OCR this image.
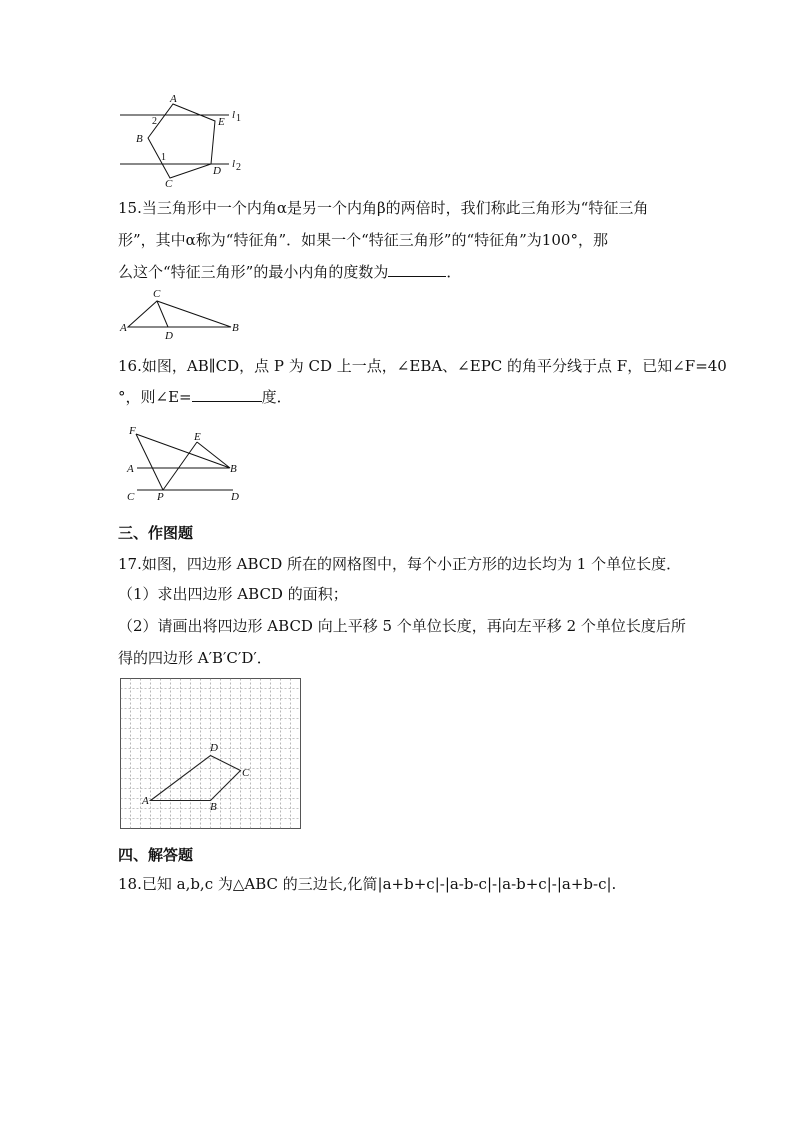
A
B
C
D
E
l 1
l 2
1
2
15.当三角形中一个内角α是另一个内角β的两倍时，我们称此三角形为“特征三角
形”，其中α称为“特征角”．如果一个“特征三角形”的“特征角”为100°，那
么这个“特征三角形”的最小内角的度数为	．
A	B
C
D
16.如图，AB∥CD，点 P 为 CD 上一点，∠EBA、∠EPC 的角平分线于点 F，已知∠F=40
°，则∠E=	度．
F	E
A	B
C P	D
三、作图题
17.如图，四边形 ABCD 所在的网格图中，每个小正方形的边长均为 1 个单位长度．
（1）求出四边形 ABCD 的面积；
（2）请画出将四边形 ABCD 向上平移 5 个单位长度，再向左平移 2 个单位长度后所
得的四边形 A′B′C′D′．
A	B
C
D
四、解答题
18.已知 a,b,c 为△ABC 的三边长,化简|a+b+c|-|a-b-c|-|a-b+c|-|a+b-c|.
